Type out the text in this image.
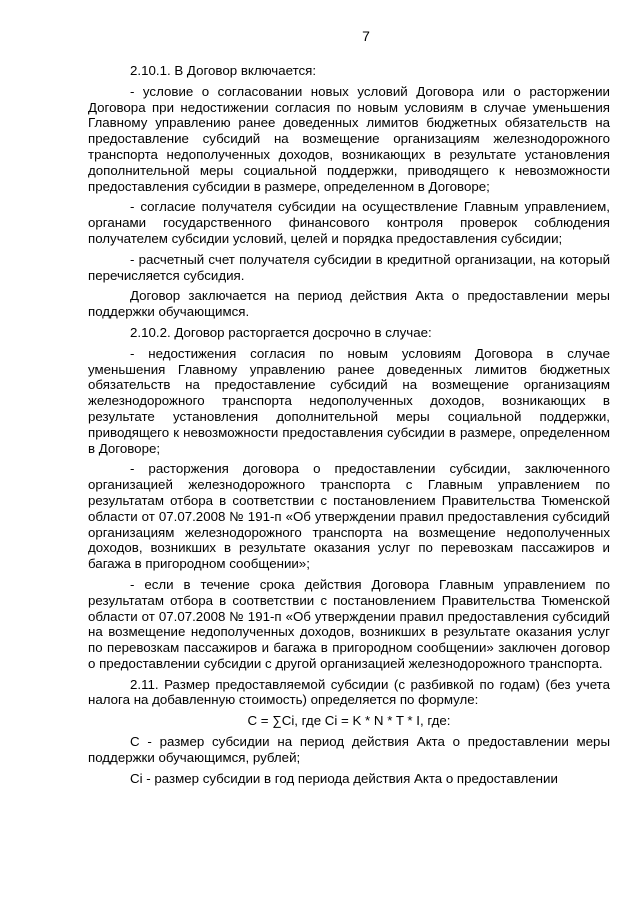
7

2.10.1. В Договор включается:

- условие о согласовании новых условий Договора или о расторжении Договора при недостижении согласия по новым условиям в случае уменьшения Главному управлению ранее доведенных лимитов бюджетных обязательств на предоставление субсидий на возмещение организациям железнодорожного транспорта недополученных доходов, возникающих в результате установления дополнительной меры социальной поддержки, приводящего к невозможности предоставления субсидии в размере, определенном в Договоре;

- согласие получателя субсидии на осуществление Главным управлением, органами государственного финансового контроля проверок соблюдения получателем субсидии условий, целей и порядка предоставления субсидии;

- расчетный счет получателя субсидии в кредитной организации, на который перечисляется субсидия.

Договор заключается на период действия Акта о предоставлении меры поддержки обучающимся.

2.10.2. Договор расторгается досрочно в случае:

- недостижения согласия по новым условиям Договора в случае уменьшения Главному управлению ранее доведенных лимитов бюджетных обязательств на предоставление субсидий на возмещение организациям железнодорожного транспорта недополученных доходов, возникающих в результате установления дополнительной меры социальной поддержки, приводящего к невозможности предоставления субсидии в размере, определенном в Договоре;

- расторжения договора о предоставлении субсидии, заключенного организацией железнодорожного транспорта с Главным управлением по результатам отбора в соответствии с постановлением Правительства Тюменской области от 07.07.2008 № 191-п «Об утверждении правил предоставления субсидий организациям железнодорожного транспорта на возмещение недополученных доходов, возникших в результате оказания услуг по перевозкам пассажиров и багажа в пригородном сообщении»;

- если в течение срока действия Договора Главным управлением по результатам отбора в соответствии с постановлением Правительства Тюменской области от 07.07.2008 № 191-п «Об утверждении правил предоставления субсидий на возмещение недополученных доходов, возникших в результате оказания услуг по перевозкам пассажиров и багажа в пригородном сообщении» заключен договор о предоставлении субсидии с другой организацией железнодорожного транспорта.

2.11. Размер предоставляемой субсидии (с разбивкой по годам) (без учета налога на добавленную стоимость) определяется по формуле:

С = ∑Сi, где Сi = K * N * T * I, где:

С - размер субсидии на период действия Акта о предоставлении меры поддержки обучающимся, рублей;

Сi - размер субсидии в год периода действия Акта о предоставлении
